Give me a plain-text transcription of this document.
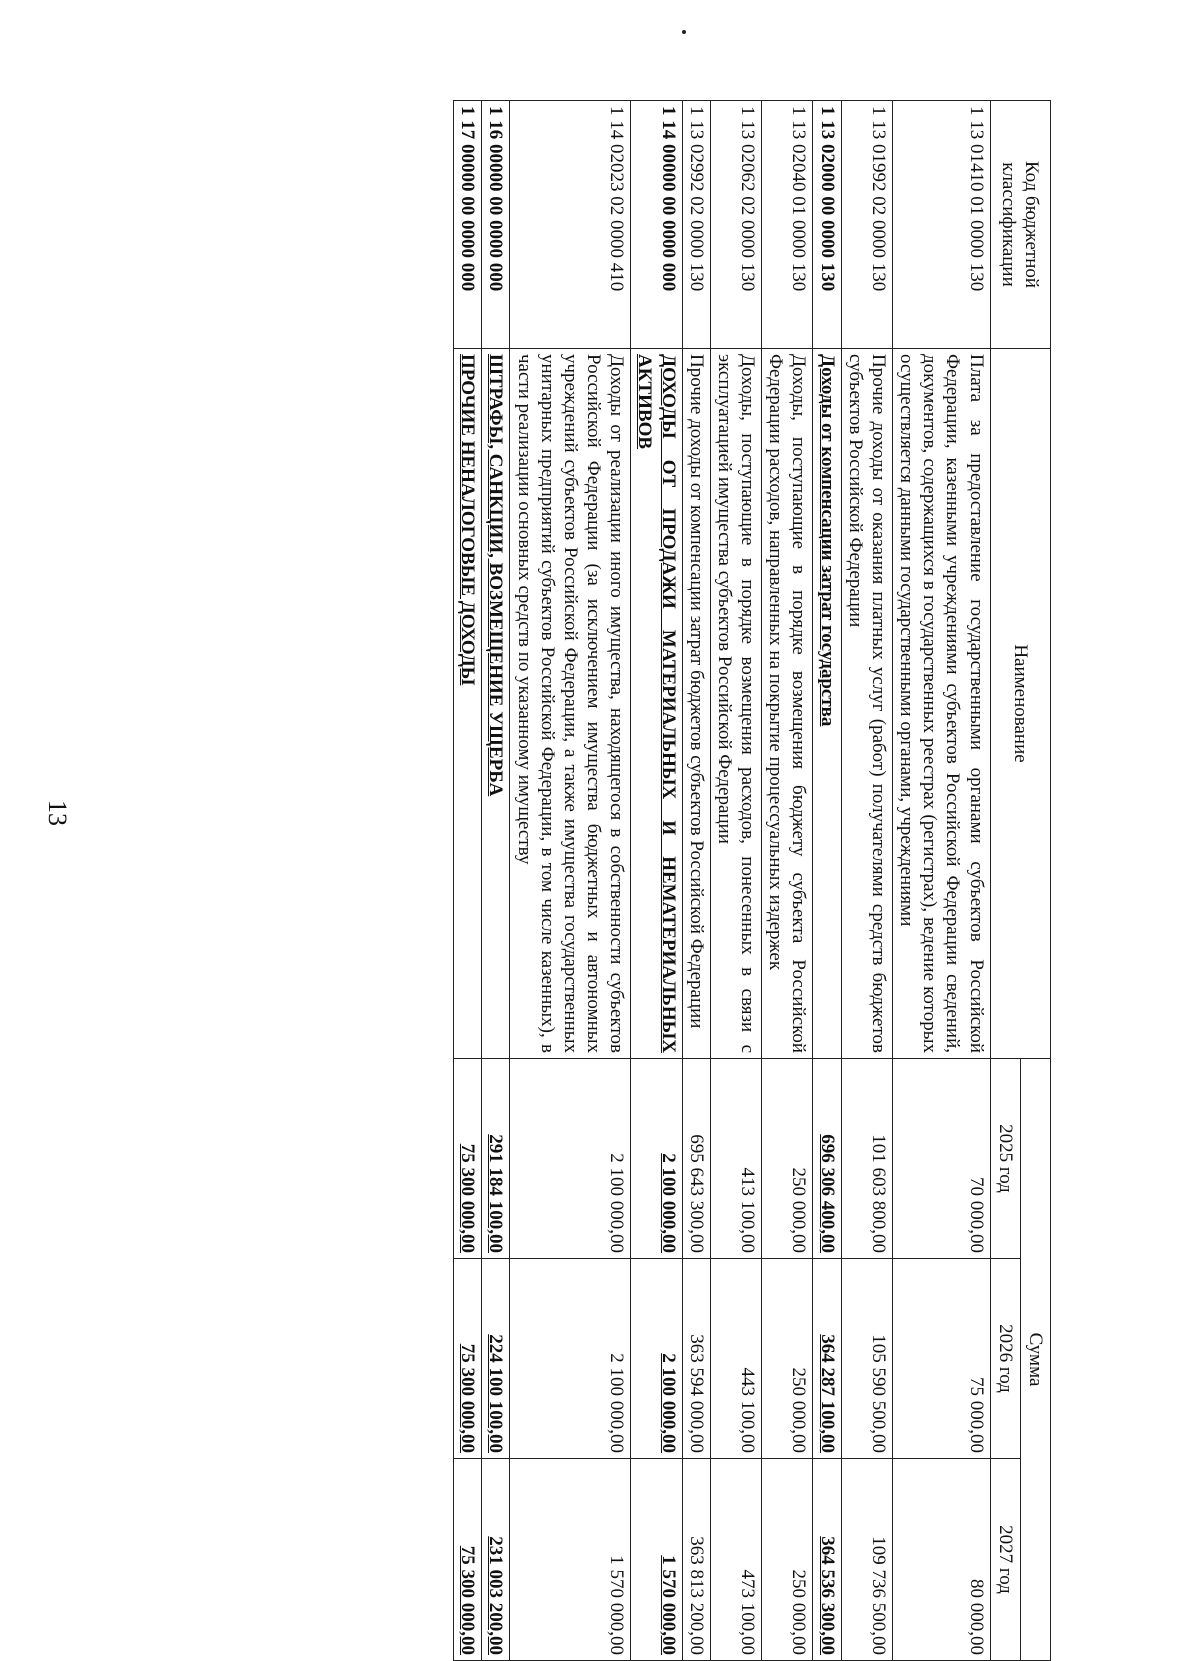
13
Код бюджетной классификации	Наименование	Сумма		
		2025 год	2026 год	2027 год
1 13 01410 01 0000 130	Плата за предоставление государственными органами субъектов Российской Федерации, казенными учреждениями субъектов Российской Федерации сведений, документов, содержащихся в государственных реестрах (регистрах), ведение которых осуществляется данными государственными органами, учреждениями	70 000,00	75 000,00	80 000,00
1 13 01992 02 0000 130	Прочие доходы от оказания платных услуг (работ) получателями средств бюджетов субъектов Российской Федерации	101 603 800,00	105 590 500,00	109 736 500,00
1 13 02000 00 0000 130	Доходы от компенсации затрат государства	696 306 400,00	364 287 100,00	364 536 300,00
1 13 02040 01 0000 130	Доходы, поступающие в порядке возмещения бюджету субъекта Российской Федерации расходов, направленных на покрытие процессуальных издержек	250 000,00	250 000,00	250 000,00
1 13 02062 02 0000 130	Доходы, поступающие в порядке возмещения расходов, понесенных в связи с эксплуатацией имущества субъектов Российской Федерации	413 100,00	443 100,00	473 100,00
1 13 02992 02 0000 130	Прочие доходы от компенсации затрат бюджетов субъектов Российской Федерации	695 643 300,00	363 594 000,00	363 813 200,00
1 14 00000 00 0000 000	ДОХОДЫ ОТ ПРОДАЖИ МАТЕРИАЛЬНЫХ И НЕМАТЕРИАЛЬНЫХ АКТИВОВ	2 100 000,00	2 100 000,00	1 570 000,00
1 14 02023 02 0000 410	Доходы от реализации иного имущества, находящегося в собственности субъектов Российской Федерации (за исключением имущества бюджетных и автономных учреждений субъектов Российской Федерации, а также имущества государственных унитарных предприятий субъектов Российской Федерации, в том числе казенных), в части реализации основных средств по указанному имуществу	2 100 000,00	2 100 000,00	1 570 000,00
1 16 00000 00 0000 000	ШТРАФЫ, САНКЦИИ, ВОЗМЕЩЕНИЕ УЩЕРБА	291 184 100,00	224 100 100,00	231 003 200,00
1 17 00000 00 0000 000	ПРОЧИЕ НЕНАЛОГОВЫЕ ДОХОДЫ	75 300 000,00	75 300 000,00	75 300 000,00
